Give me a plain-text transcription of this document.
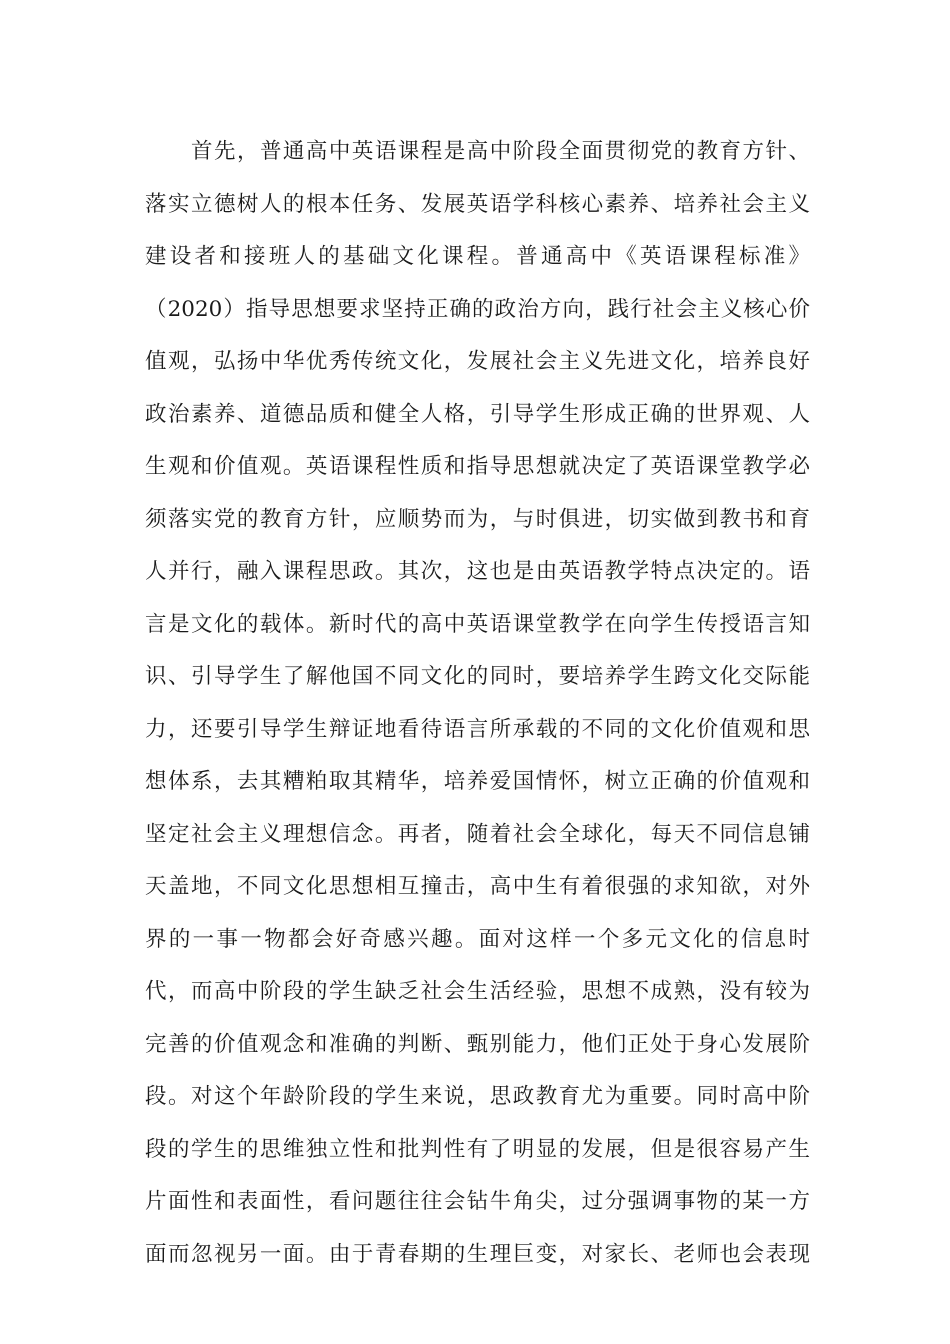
首先，普通高中英语课程是高中阶段全面贯彻党的教育方针、
落实立德树人的根本任务、发展英语学科核心素养、培养社会主义
建设者和接班人的基础文化课程。普通高中《英语课程标准》
（2020）指导思想要求坚持正确的政治方向，践行社会主义核心价
值观，弘扬中华优秀传统文化，发展社会主义先进文化，培养良好
政治素养、道德品质和健全人格，引导学生形成正确的世界观、人
生观和价值观。英语课程性质和指导思想就决定了英语课堂教学必
须落实党的教育方针，应顺势而为，与时俱进，切实做到教书和育
人并行，融入课程思政。其次，这也是由英语教学特点决定的。语
言是文化的载体。新时代的高中英语课堂教学在向学生传授语言知
识、引导学生了解他国不同文化的同时，要培养学生跨文化交际能
力，还要引导学生辩证地看待语言所承载的不同的文化价值观和思
想体系，去其糟粕取其精华，培养爱国情怀，树立正确的价值观和
坚定社会主义理想信念。再者，随着社会全球化，每天不同信息铺
天盖地，不同文化思想相互撞击，高中生有着很强的求知欲，对外
界的一事一物都会好奇感兴趣。面对这样一个多元文化的信息时
代，而高中阶段的学生缺乏社会生活经验，思想不成熟，没有较为
完善的价值观念和准确的判断、甄别能力，他们正处于身心发展阶
段。对这个年龄阶段的学生来说，思政教育尤为重要。同时高中阶
段的学生的思维独立性和批判性有了明显的发展，但是很容易产生
片面性和表面性，看问题往往会钻牛角尖，过分强调事物的某一方
面而忽视另一面。由于青春期的生理巨变，对家长、老师也会表现
